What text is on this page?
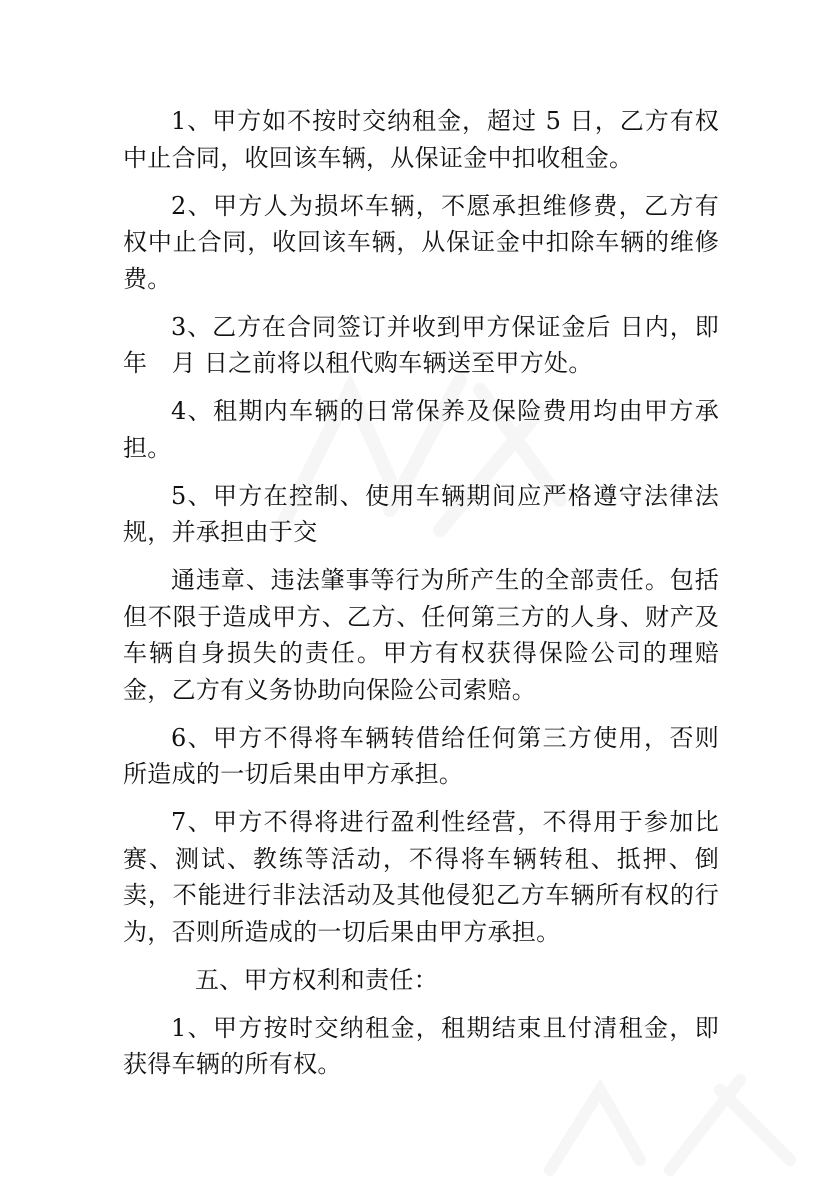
1、甲方如不按时交纳租金，超过 5 日，乙方有权中止合同，收回该车辆，从保证金中扣收租金。

2、甲方人为损坏车辆，不愿承担维修费，乙方有权中止合同，收回该车辆，从保证金中扣除车辆的维修费。

3、乙方在合同签订并收到甲方保证金后 日内，即　年　月 日之前将以租代购车辆送至甲方处。

4、租期内车辆的日常保养及保险费用均由甲方承担。

5、甲方在控制、使用车辆期间应严格遵守法律法规，并承担由于交

通违章、违法肇事等行为所产生的全部责任。包括但不限于造成甲方、乙方、任何第三方的人身、财产及车辆自身损失的责任。甲方有权获得保险公司的理赔金，乙方有义务协助向保险公司索赔。

6、甲方不得将车辆转借给任何第三方使用，否则所造成的一切后果由甲方承担。

7、甲方不得将进行盈利性经营，不得用于参加比赛、测试、教练等活动，不得将车辆转租、抵押、倒卖，不能进行非法活动及其他侵犯乙方车辆所有权的行为，否则所造成的一切后果由甲方承担。

五、甲方权利和责任：

1、甲方按时交纳租金，租期结束且付清租金，即获得车辆的所有权。
